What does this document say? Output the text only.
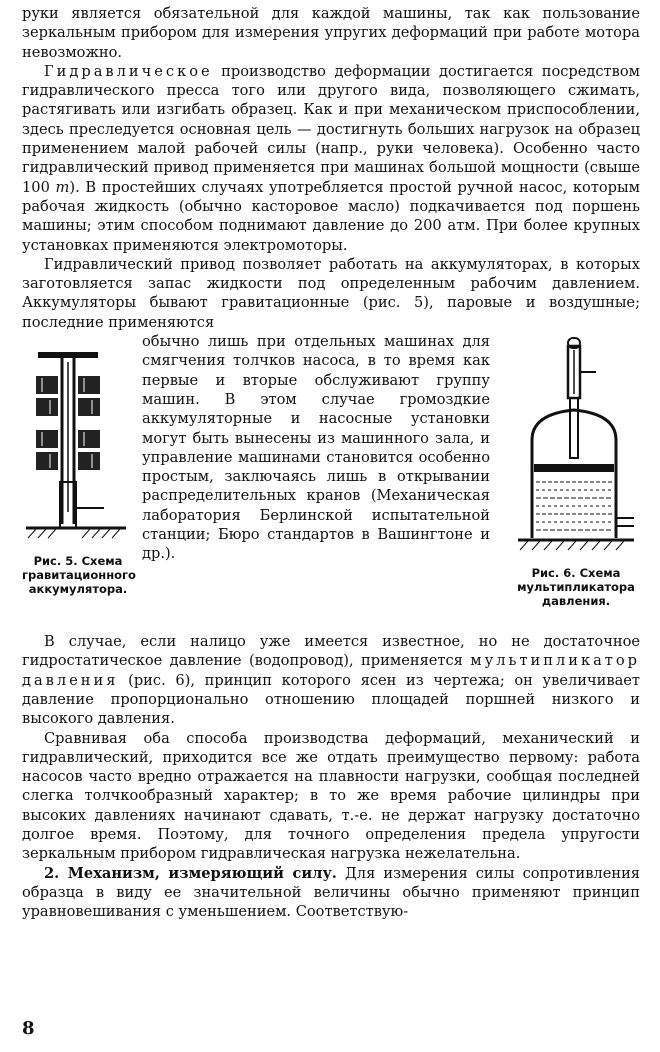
руки является обязательной для каждой машины, так как пользование зеркальным прибором для измерения упругих деформаций при работе мотора невозможно.

Гидравлическое производство деформации достигается посредством гидравлического пресса того или другого вида, позволяющего сжимать, растягивать или изгибать образец. Как и при механическом приспособлении, здесь преследуется основная цель — достигнуть больших нагрузок на образец применением малой рабочей силы (напр., руки человека). Особенно часто гидравлический привод применяется при машинах большой мощности (свыше 100 m). В простейших случаях употребляется простой ручной насос, которым рабочая жидкость (обычно касторовое масло) подкачивается под поршень машины; этим способом поднимают давление до 200 атм. При более крупных установках применяются электромоторы.

Гидравлический привод позволяет работать на аккумуляторах, в которых заготовляется запас жидкости под определенным рабочим давлением. Аккумуляторы бывают гравитационные (рис. 5), паровые и воздушные; последние применяются

Рис. 5. Схема гравитационного аккумулятора.

обычно лишь при отдельных машинах для смягчения толчков насоса, в то время как первые и вторые обслуживают группу машин. В этом случае громоздкие аккумуляторные и насосные установки могут быть вынесены из машинного зала, и управление машинами становится особенно простым, заключаясь лишь в открывании распределительных кранов (Механическая лаборатория Берлинской испытательной станции; Бюро стандартов в Вашингтоне и др.).

Рис. 6. Схема мультипликатора давления.

В случае, если налицо уже имеется известное, но не достаточное гидростатическое давление (водопровод), применяется мультипликатор давления (рис. 6), принцип которого ясен из чертежа; он увеличивает давление пропорционально отношению площадей поршней низкого и высокого давления.

Сравнивая оба способа производства деформаций, механический и гидравлический, приходится все же отдать преимущество первому: работа насосов часто вредно отражается на плавности нагрузки, сообщая последней слегка толчкообразный характер; в то же время рабочие цилиндры при высоких давлениях начинают сдавать, т.-е. не держат нагрузку достаточно долгое время. Поэтому, для точного определения предела упругости зеркальным прибором гидравлическая нагрузка нежелательна.

2. Механизм, измеряющий силу. Для измерения силы сопротивления образца в виду ее значительной величины обычно применяют принцип уравновешивания с уменьшением. Соответствую-

8
